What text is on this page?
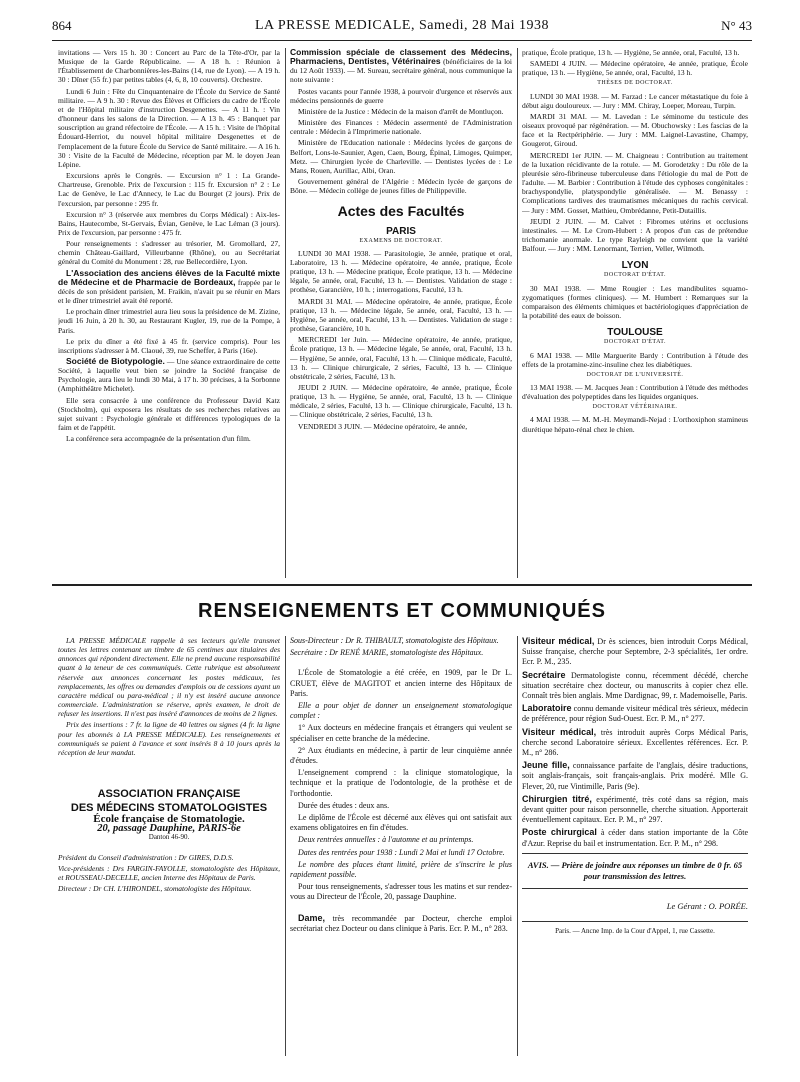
864	LA PRESSE MEDICALE, Samedi, 28 Mai 1938	N° 43

invitations — Vers 15 h. 30 : Concert au Parc de la Tête-d'Or, par la Musique de la Garde Républicaine. — A 18 h. : Réunion à l'Établissement de Charbonnières-les-Bains (14, rue de Lyon). — A 19 h. 30 : Dîner (55 fr.) par petites tables (4, 6, 8, 10 couverts). Orchestre.

Lundi 6 Juin : Fête du Cinquantenaire de l'École du Service de Santé militaire. — A 9 h. 30 : Revue des Élèves et Officiers du cadre de l'École et de l'Hôpital militaire d'instruction Desgenettes. — A 11 h. : Vin d'honneur dans les salons de la Direction. — A 13 h. 45 : Banquet par souscription au grand réfectoire de l'École. — A 15 h. : Visite de l'hôpital Édouard-Herriot, du nouvel hôpital militaire Desgenettes et de l'emplacement de la future École du Service de Santé militaire. — A 16 h. 30 : Visite de la Faculté de Médecine, réception par M. le doyen Jean Lépine.

Excursions après le Congrès. — Excursion n° 1 : La Grande-Chartreuse, Grenoble. Prix de l'excursion : 115 fr. Excursion n° 2 : Le Lac de Genève, le Lac d'Annecy, le Lac du Bourget (2 jours). Prix de l'excursion, par personne : 295 fr.

Excursion n° 3 (réservée aux membres du Corps Médical) : Aix-les-Bains, Hautecombe, St-Gervais, Évian, Genève, le Lac Léman (3 jours). Prix de l'excursion, par personne : 475 fr.

Pour renseignements : s'adresser au trésorier, M. Gromollard, 27, chemin Château-Gaillard, Villeurbanne (Rhône), ou au Secrétariat général du Comité du Monument : 28, rue Bellecordière, Lyon.

L'Association des anciens élèves de la Faculté mixte de Médecine et de Pharmacie de Bordeaux, frappée par le décès de son président parisien, M. Fraikin, n'avait pu se réunir en Mars et le dîner trimestriel avait été reporté.

Le prochain dîner trimestriel aura lieu sous la présidence de M. Zizine, jeudi 16 Juin, à 20 h. 30, au Restaurant Kugler, 19, rue de la Pompe, à Paris.

Le prix du dîner a été fixé à 45 fr. (service compris). Pour les inscriptions s'adresser à M. Claoué, 39, rue Scheffer, à Paris (16e).

Société de Biotypologie. — Une séance extraordinaire de cette Société, à laquelle veut bien se joindre la Société française de Psychologie, aura lieu le lundi 30 Mai, à 17 h. 30 précises, à la Sorbonne (Amphithéâtre Michelet).

Elle sera consacrée à une conférence du Professeur David Katz (Stockholm), qui exposera les résultats de ses recherches relatives au sujet suivant : Psychologie générale et différences typologiques de la faim et de l'appétit.

La conférence sera accompagnée de la présentation d'un film.

Commission spéciale de classement des Médecins, Pharmaciens, Dentistes, Vétérinaires (bénéficiaires de la loi du 12 Août 1933). — M. Sureau, secrétaire général, nous communique la note suivante :

Postes vacants pour l'année 1938, à pourvoir d'urgence et réservés aux médecins pensionnés de guerre

Ministère de la Justice : Médecin de la maison d'arrêt de Montluçon.

Ministère des Finances : Médecin assermenté de l'Administration centrale : Médecin à l'Imprimerie nationale.

Ministère de l'Education nationale : Médecins lycées de garçons de Belfort, Lons-le-Saunier, Agen, Caen, Bourg, Épinal, Limoges, Quimper, Metz. — Chirurgien lycée de Charleville. — Dentistes lycées de : Le Mans, Rouen, Aurillac, Albi, Oran.

Gouvernement général de l'Algérie : Médecin lycée de garçons de Bône. — Médecin collège de jeunes filles de Philippeville.

Actes des Facultés
PARIS
EXAMENS DE DOCTORAT.

LUNDI 30 MAI 1938. — Parasitologie, 3e année, pratique et oral, Laboratoire, 13 h. — Médecine opératoire, 4e année, pratique, École pratique, 13 h. — Médecine pratique, École pratique, 13 h. — Médecine légale, 5e année, oral, Faculté, 13 h. — Dentistes. Validation de stage : prothèse, Garancière, 10 h. ; interrogations, Faculté, 13 h.

MARDI 31 MAI. — Médecine opératoire, 4e année, pratique, École pratique, 13 h. — Médecine légale, 5e année, oral, Faculté, 13 h. — Hygiène, 5e année, oral, Faculté, 13 h. — Dentistes. Validation de stage : prothèse, Garancière, 10 h.

MERCREDI 1er Juin. — Médecine opératoire, 4e année, pratique, École pratique, 13 h. — Médecine légale, 5e année, oral, Faculté, 13 h. — Hygiène, 5e année, oral, Faculté, 13 h. — Clinique médicale, Faculté, 13 h. — Clinique chirurgicale, 2 séries, Faculté, 13 h. — Clinique obstétricale, 2 séries, Faculté, 13 h.

JEUDI 2 JUIN. — Médecine opératoire, 4e année, pratique, École pratique, 13 h. — Hygiène, 5e année, oral, Faculté, 13 h. — Clinique médicale, 2 séries, Faculté, 13 h. — Clinique chirurgicale, Faculté, 13 h. — Clinique obstétricale, 2 séries, Faculté, 13 h.

VENDREDI 3 JUIN. — Médecine opératoire, 4e année,

pratique, École pratique, 13 h. — Hygiène, 5e année, oral, Faculté, 13 h.

SAMEDI 4 JUIN. — Médecine opératoire, 4e année, pratique, École pratique, 13 h. — Hygiène, 5e année, oral, Faculté, 13 h.

THÈSES DE DOCTORAT.

LUNDI 30 MAI 1938. — M. Farzad : Le cancer métastatique du foie à début aigu douloureux. — Jury : MM. Chiray, Loeper, Moreau, Turpin.

MARDI 31 MAI. — M. Lavedan : Le séminome du testicule des oiseaux provoqué par régénération. — M. Obuchowsky : Les fascias de la face et la Rectpériphérie. — Jury : MM. Laignel-Lavastine, Champy, Gougerot, Giroud.

MERCREDI 1er JUIN. — M. Chaigneau : Contribution au traitement de la luxation récidivante de la rotule. — M. Gorodetzky : Du rôle de la pleurésie séro-fibrineuse tuberculeuse dans l'étiologie du mal de Pott de l'adulte. — M. Barbier : Contribution à l'étude des cyphoses congénitales : brachyspondylie, platyspondylie généralisée. — M. Benassy : Complications tardives des traumatismes mécaniques du rachis cervical. — Jury : MM. Gosset, Mathieu, Ombrédanne, Petit-Dutaillis.

JEUDI 2 JUIN. — M. Calvet : Fibromes utérins et occlusions intestinales. — M. Le Crom-Hubert : A propos d'un cas de prétendue trichomanie anormale. Le type Rayleigh ne convient que la variété Balfour. — Jury : MM. Lenormant, Terrien, Veller, Wilmoth.

LYON
DOCTORAT D'ÉTAT.

30 MAI 1938. — Mme Rougier : Les mandibulites squamo-zygomatiques (formes cliniques). — M. Humbert : Remarques sur la comparaison des éléments chimiques et bactériologiques d'appréciation de la potabilité des eaux de boisson.

TOULOUSE
DOCTORAT D'ÉTAT.

6 MAI 1938. — Mlle Marguerite Bardy : Contribution à l'étude des effets de la protamine-zinc-insuline chez les diabétiques.

DOCTORAT DE L'UNIVERSITÉ.

13 MAI 1938. — M. Jacques Jean : Contribution à l'étude des méthodes d'évaluation des polypeptides dans les liquides organiques.

DOCTORAT VÉTÉRINAIRE.

4 MAI 1938. — M. M.-H. Meymandi-Nejad : L'orthoxiphon stamineus diurétique hépato-rénal chez le chien.

RENSEIGNEMENTS ET COMMUNIQUÉS

LA PRESSE MÉDICALE rappelle à ses lecteurs qu'elle transmet toutes les lettres contenant un timbre de 65 centimes aux titulaires des annonces qui répondent directement. Elle ne prend aucune responsabilité quant à la teneur de ces communiqués. Cette rubrique est absolument réservée aux annonces concernant les postes médicaux, les remplacements, les offres ou demandes d'emplois ou de cessions ayant un caractère médical ou para-médical ; il n'y est inséré aucune annonce commerciale. L'administration se réserve, après examen, le droit de refuser les insertions. Il n'est pas inséré d'annonces de moins de 2 lignes.

Prix des insertions : 7 fr. la ligne de 40 lettres ou signes (4 fr. la ligne pour les abonnés à LA PRESSE MÉDICALE). Les renseignements et communiqués se paient à l'avance et sont insérés 8 à 10 jours après la réception de leur mandat.

ASSOCIATION FRANÇAISE
DES MÉDECINS STOMATOLOGISTES
École française de Stomatologie.
20, passage Dauphine, PARIS-6e
Danton 46-90.

Président du Conseil d'administration : Dr GIRES, D.D.S.

Vice-présidents : Drs FARGIN-FAYOLLE, stomatologiste des Hôpitaux, et ROUSSEAU-DECELLE, ancien Interne des Hôpitaux de Paris.

Directeur : Dr CH. L'HIRONDEL, stomatologiste des Hôpitaux.

Sous-Directeur : Dr R. THIBAULT, stomatologiste des Hôpitaux.

Secrétaire : Dr RENÉ MARIE, stomatologiste des Hôpitaux.

L'École de Stomatologie a été créée, en 1909, par le Dr L. CRUET, élève de MAGITOT et ancien interne des Hôpitaux de Paris.

Elle a pour objet de donner un enseignement stomatologique complet :

1° Aux docteurs en médecine français et étrangers qui veulent se spécialiser en cette branche de la médecine.

2° Aux étudiants en médecine, à partir de leur cinquième année d'études.

L'enseignement comprend : la clinique stomatologique, la technique et la pratique de l'odontologie, de la prothèse et de l'orthodontie.

Durée des études : deux ans.

Le diplôme de l'École est décerné aux élèves qui ont satisfait aux examens obligatoires en fin d'études.

Deux rentrées annuelles : à l'automne et au printemps.

Dates des rentrées pour 1938 : Lundi 2 Mai et lundi 17 Octobre.

Le nombre des places étant limité, prière de s'inscrire le plus rapidement possible.

Pour tous renseignements, s'adresser tous les matins et sur rendez-vous au Directeur de l'École, 20, passage Dauphine.

Dame, très recommandée par Docteur, cherche emploi secrétariat chez Docteur ou dans clinique à Paris. Ecr. P. M., n° 283.

Visiteur médical, Dr ès sciences, bien introduit Corps Médical, Suisse française, cherche pour Septembre, 2-3 spécialités, 1er ordre. Ecr. P. M., 235.

Secrétaire Dermatologiste connu, récemment décédé, cherche situation secrétaire chez docteur, ou manuscrits à copier chez elle. Connaît très bien anglais. Mme Dardignac, 99, r. Mademoiselle, Paris.

Laboratoire connu demande visiteur médical très sérieux, médecin de préférence, pour région Sud-Ouest. Ecr. P. M., n° 277.

Visiteur médical, très introduit auprès Corps Médical Paris, cherche second Laboratoire sérieux. Excellentes références. Ecr. P. M., n° 286.

Jeune fille, connaissance parfaite de l'anglais, désire traductions, soit anglais-français, soit français-anglais. Prix modéré. Mlle G. Flever, 20, rue Vintimille, Paris (9e).

Chirurgien titré, expérimenté, très coté dans sa région, mais devant quitter pour raison personnelle, cherche situation. Apporterait éventuellement capitaux. Ecr. P. M., n° 297.

Poste chirurgical à céder dans station importante de la Côte d'Azur. Reprise du bail et instrumentation. Ecr. P. M., n° 298.

AVIS. — Prière de joindre aux réponses un timbre de 0 fr. 65 pour transmission des lettres.
Le Gérant : O. PORÉE.
Paris. — Ancne Imp. de la Cour d'Appel, 1, rue Cassette.
